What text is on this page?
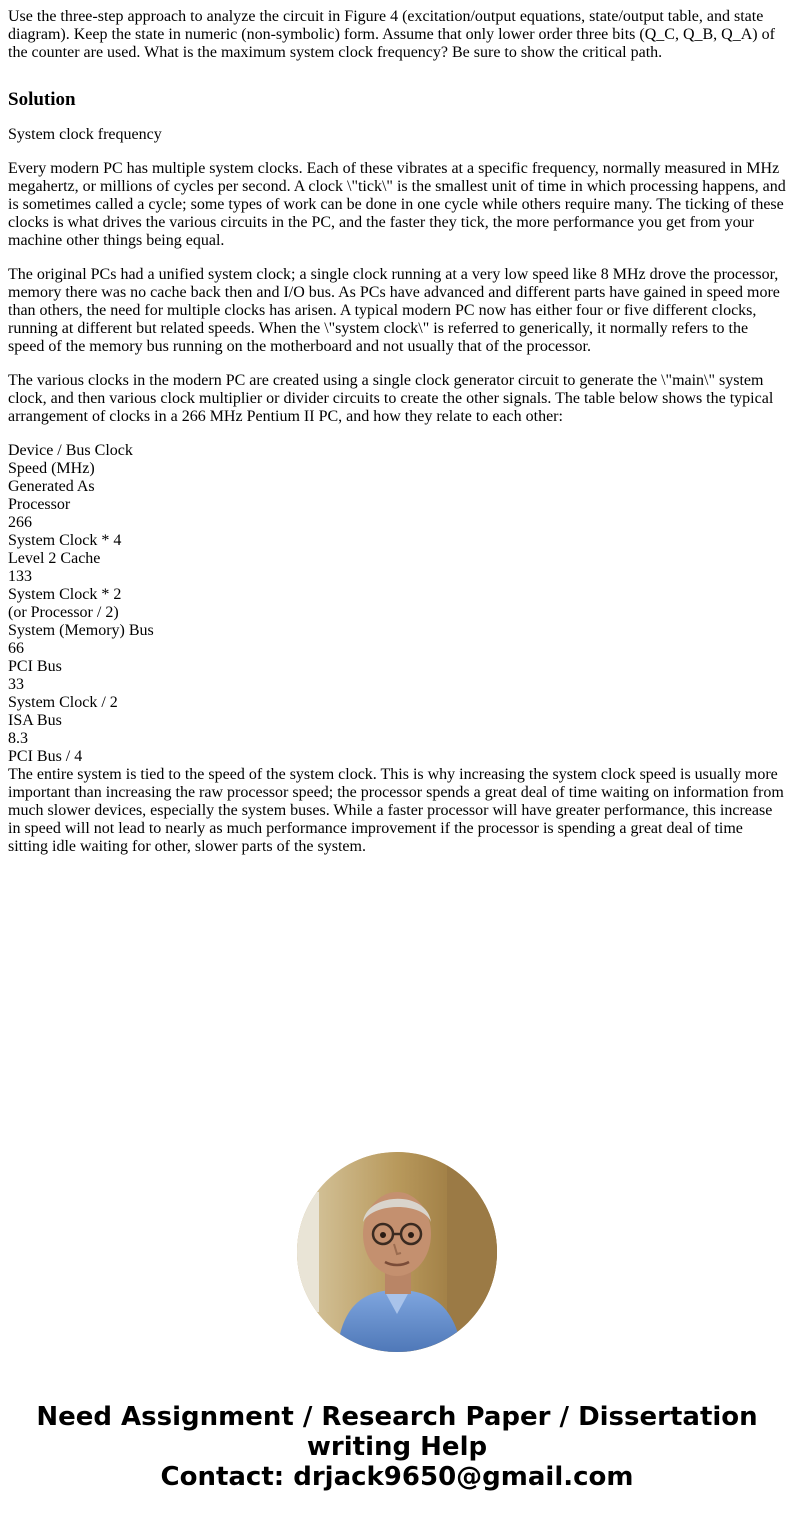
Use the three-step approach to analyze the circuit in Figure 4 (excitation/output equations, state/output table, and state diagram). Keep the state in numeric (non-symbolic) form. Assume that only lower order three bits (Q_C, Q_B, Q_A) of the counter are used. What is the maximum system clock frequency? Be sure to show the critical path.
Solution
System clock frequency
Every modern PC has multiple system clocks. Each of these vibrates at a specific frequency, normally measured in MHz megahertz, or millions of cycles per second. A clock \"tick\" is the smallest unit of time in which processing happens, and is sometimes called a cycle; some types of work can be done in one cycle while others require many. The ticking of these clocks is what drives the various circuits in the PC, and the faster they tick, the more performance you get from your machine other things being equal.
The original PCs had a unified system clock; a single clock running at a very low speed like 8 MHz drove the processor, memory there was no cache back then and I/O bus. As PCs have advanced and different parts have gained in speed more than others, the need for multiple clocks has arisen. A typical modern PC now has either four or five different clocks, running at different but related speeds. When the \"system clock\" is referred to generically, it normally refers to the speed of the memory bus running on the motherboard and not usually that of the processor.
The various clocks in the modern PC are created using a single clock generator circuit to generate the \"main\" system clock, and then various clock multiplier or divider circuits to create the other signals. The table below shows the typical arrangement of clocks in a 266 MHz Pentium II PC, and how they relate to each other:
Device / Bus Clock
Speed (MHz)
Generated As
Processor
266
System Clock * 4
Level 2 Cache
133
System Clock * 2
(or Processor / 2)
System (Memory) Bus
66
PCI Bus
33
System Clock / 2
ISA Bus
8.3
PCI Bus / 4
The entire system is tied to the speed of the system clock. This is why increasing the system clock speed is usually more important than increasing the raw processor speed; the processor spends a great deal of time waiting on information from much slower devices, especially the system buses. While a faster processor will have greater performance, this increase in speed will not lead to nearly as much performance improvement if the processor is spending a great deal of time sitting idle waiting for other, slower parts of the system.
Need Assignment / Research Paper / Dissertation
writing Help
Contact: drjack9650@gmail.com
